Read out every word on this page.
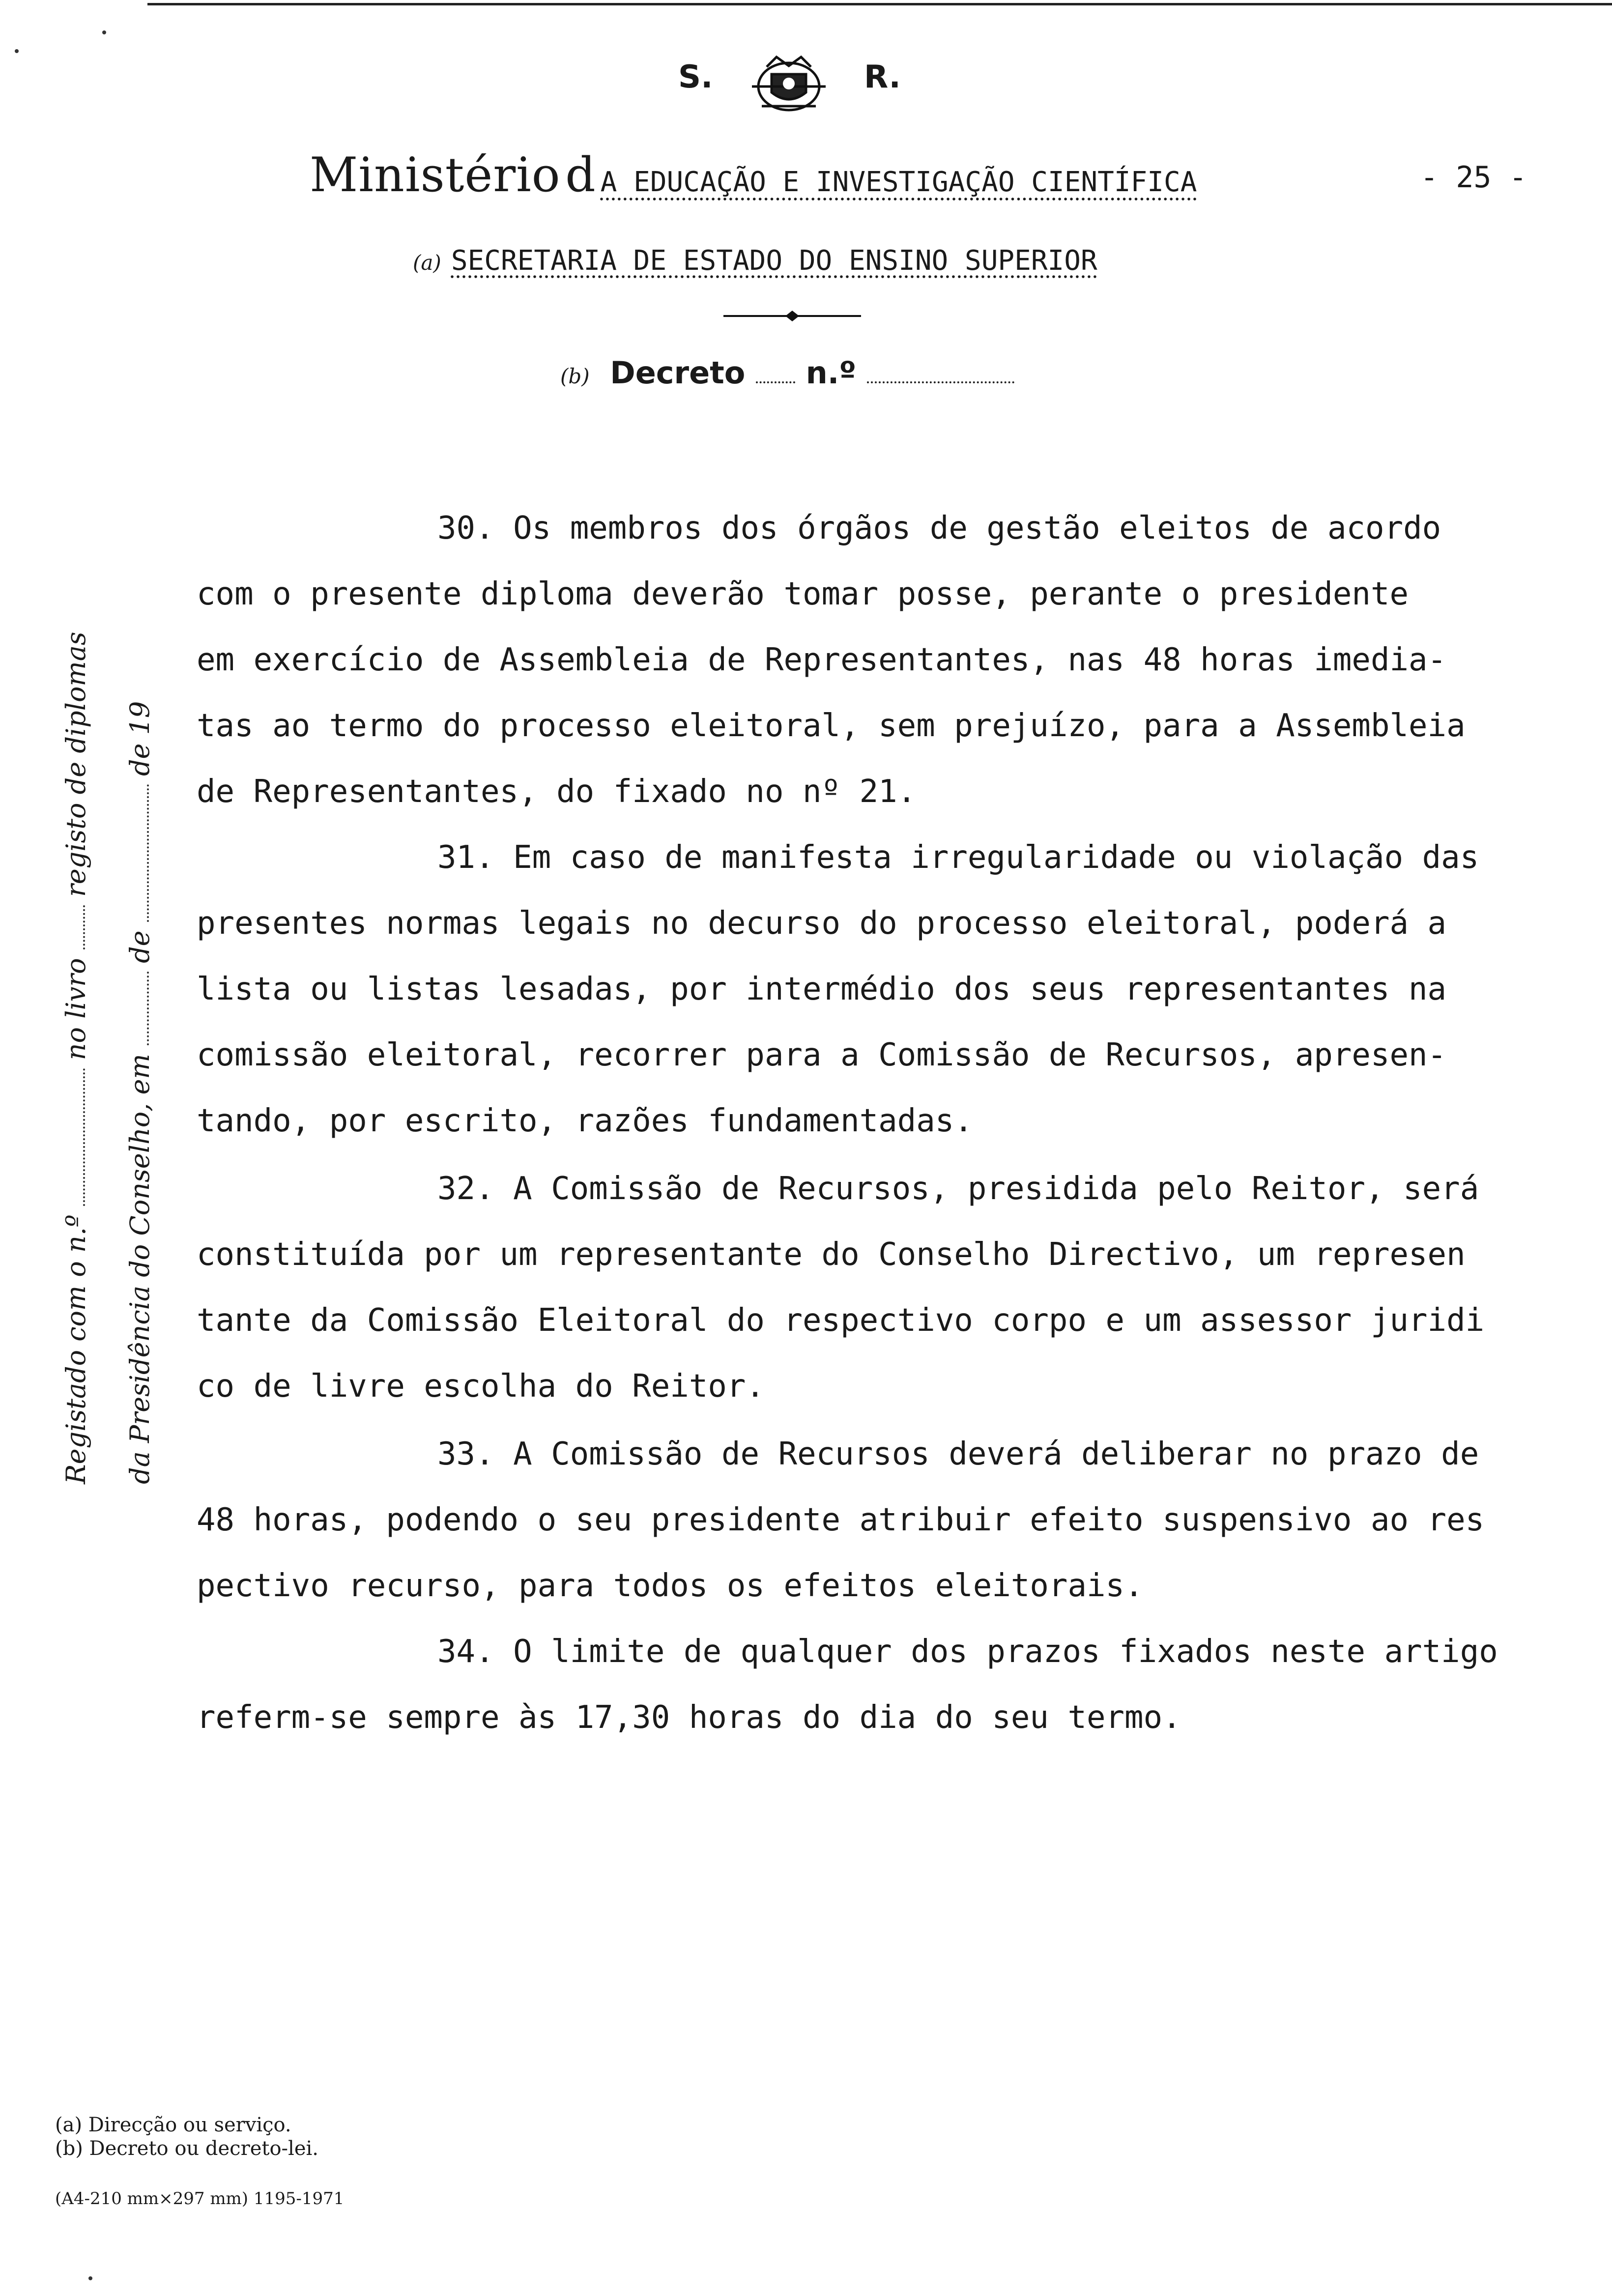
S.	R.
Ministério d A EDUCAÇÃO E INVESTIGAÇÃO CIENTÍFICA	- 25 -
(a) SECRETARIA DE ESTADO DO ENSINO SUPERIOR
(b) Decreto n.º
Registado com o n.º  no livro  registo de diplomas
da Presidência do Conselho, em  de  de 19
30. Os membros dos órgãos de gestão eleitos de acordo
com o presente diploma deverão tomar posse, perante o presidente
em exercício de Assembleia de Representantes, nas 48 horas imedia-
tas ao termo do processo eleitoral, sem prejuízo, para a Assembleia
de Representantes, do fixado no nº 21.
31. Em caso de manifesta irregularidade ou violação das
presentes normas legais no decurso do processo eleitoral, poderá a
lista ou listas lesadas, por intermédio dos seus representantes na
comissão eleitoral, recorrer para a Comissão de Recursos, apresen-
tando, por escrito, razões fundamentadas.
32. A Comissão de Recursos, presidida pelo Reitor, será
constituída por um representante do Conselho Directivo, um represen
tante da Comissão Eleitoral do respectivo corpo e um assessor juridi
co de livre escolha do Reitor.
33. A Comissão de Recursos deverá deliberar no prazo de
48 horas, podendo o seu presidente atribuir efeito suspensivo ao res
pectivo recurso, para todos os efeitos eleitorais.
34. O limite de qualquer dos prazos fixados neste artigo
referm-se sempre às 17,30 horas do dia do seu termo.
(a) Direcção ou serviço.
(b) Decreto ou decreto-lei.
(A4-210 mm×297 mm) 1195-1971
